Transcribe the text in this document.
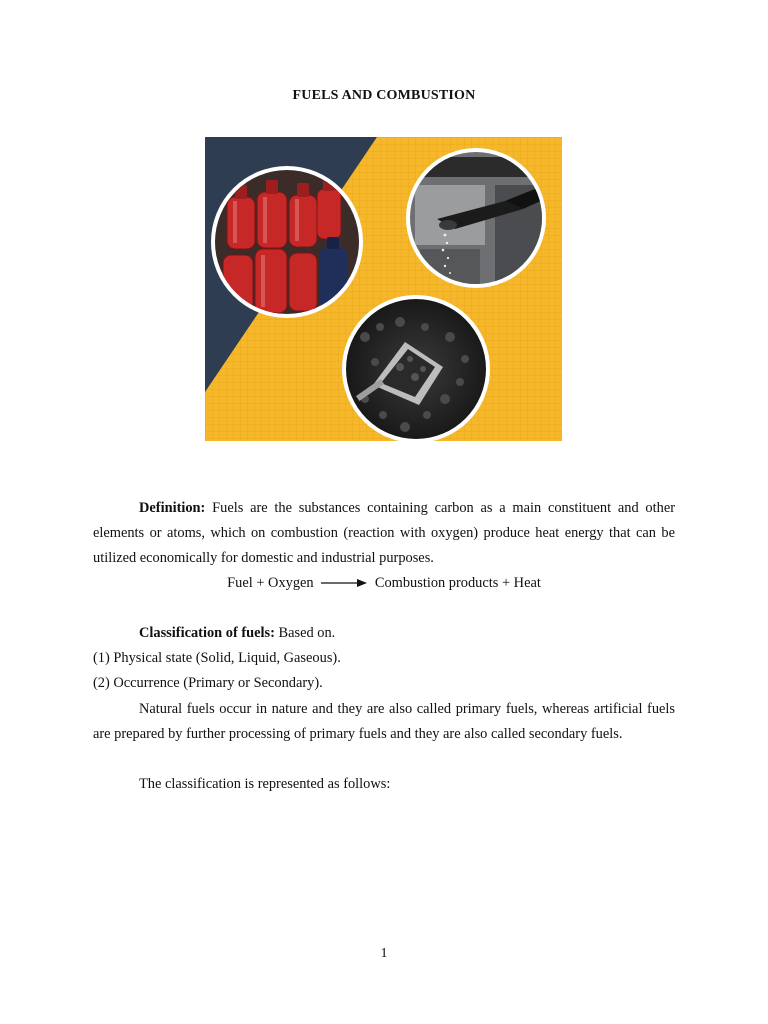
FUELS AND COMBUSTION
Definition: Fuels are the substances containing carbon as a main constituent and other elements or atoms, which on combustion (reaction with oxygen) produce heat energy that can be utilized economically for domestic and industrial purposes.
Fuel + Oxygen	Combustion products + Heat
Classification of fuels: Based on.
(1) Physical state (Solid, Liquid, Gaseous).
(2) Occurrence (Primary or Secondary).
Natural fuels occur in nature and they are also called primary fuels, whereas artificial fuels are prepared by further processing of primary fuels and they are also called secondary fuels.
The classification is represented as follows:
1
